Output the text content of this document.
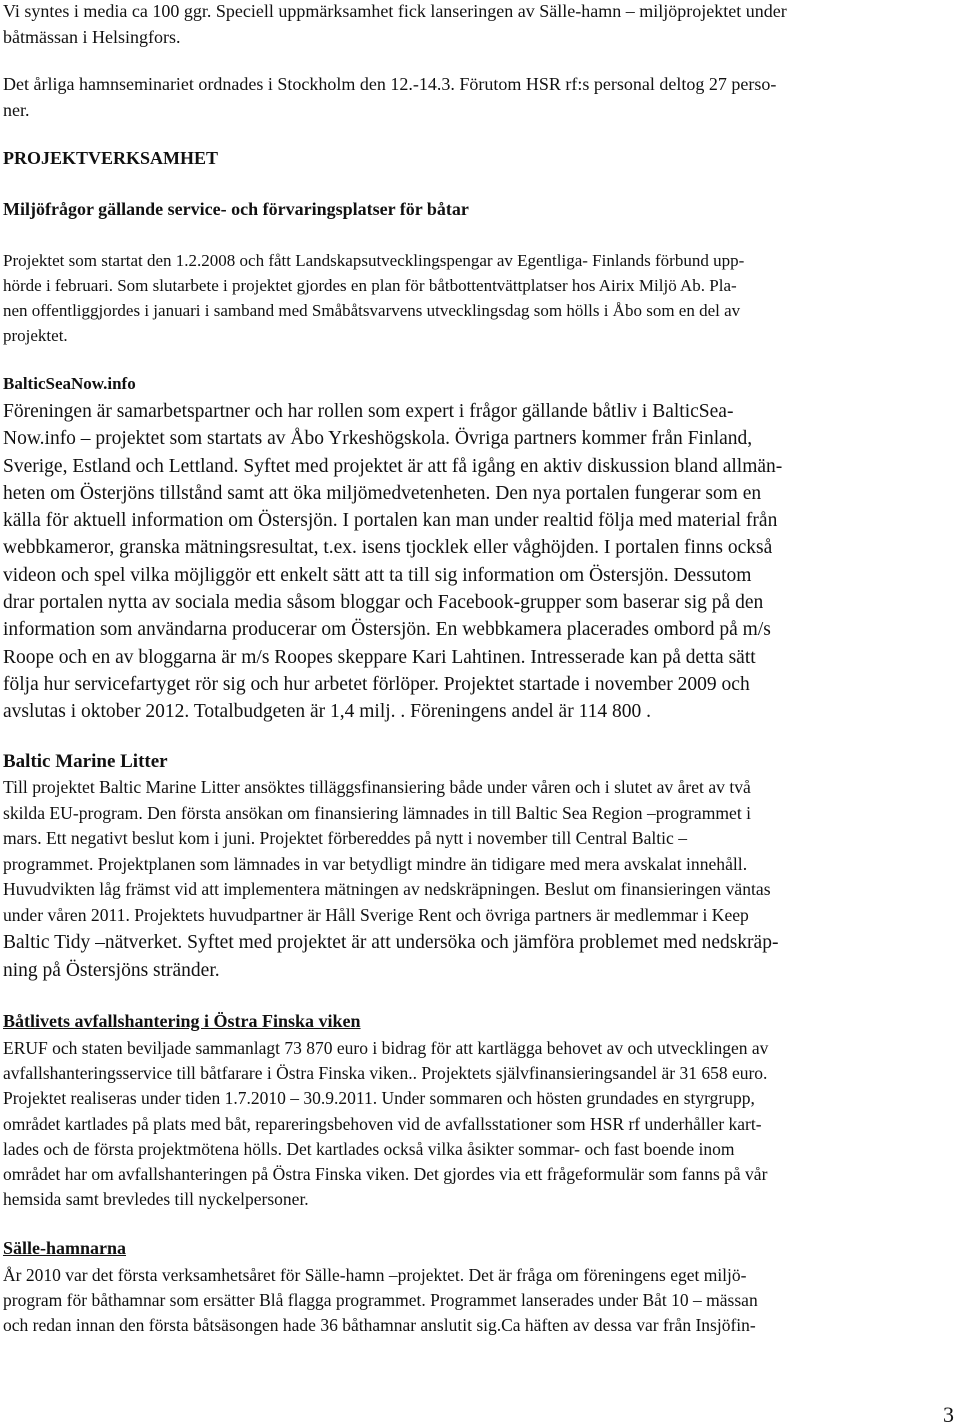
Vi syntes i media ca 100 ggr. Speciell uppmärksamhet fick lanseringen av Sälle-hamn – miljöprojektet under
båtmässan i Helsingfors.
Det årliga hamnseminariet ordnades i Stockholm den 12.-14.3. Förutom HSR rf:s personal deltog 27 perso-
ner.
PROJEKTVERKSAMHET
Miljöfrågor gällande service- och förvaringsplatser för båtar
Projektet som startat den 1.2.2008 och fått Landskapsutvecklingspengar av Egentliga- Finlands förbund upp-
hörde i februari. Som slutarbete i projektet gjordes en plan för båtbottentvättplatser hos Airix Miljö Ab. Pla-
nen offentliggjordes i januari i samband med Småbåtsvarvens utvecklingsdag som hölls i Åbo som en del av
projektet.
BalticSeaNow.info
Föreningen är samarbetspartner och har rollen som expert i frågor gällande båtliv i BalticSea-
Now.info – projektet som startats av Åbo Yrkeshögskola. Övriga partners kommer från Finland,
Sverige, Estland och Lettland. Syftet med projektet är att få igång en aktiv diskussion bland allmän-
heten om Österjöns tillstånd samt att öka miljömedvetenheten. Den nya portalen fungerar som en
källa för aktuell information om Östersjön. I portalen kan man under realtid följa med material från
webbkameror, granska mätningsresultat, t.ex. isens tjocklek eller våghöjden. I portalen finns också
videon och spel vilka möjliggör ett enkelt sätt att ta till sig information om Östersjön. Dessutom
drar portalen nytta av sociala media såsom bloggar och Facebook-grupper som baserar sig på den
information som användarna producerar om Östersjön. En webbkamera placerades ombord på m/s
Roope och en av bloggarna är m/s Roopes skeppare Kari Lahtinen. Intresserade kan på detta sätt
följa hur servicefartyget rör sig och hur arbetet förlöper. Projektet startade i november 2009 och
avslutas i oktober 2012. Totalbudgeten är 1,4 milj. . Föreningens andel är 114 800 .
Baltic Marine Litter
Till projektet Baltic Marine Litter ansöktes tilläggsfinansiering både under våren och i slutet av året av två
skilda EU-program. Den första ansökan om finansiering lämnades in till Baltic Sea Region –programmet i
mars. Ett negativt beslut kom i juni. Projektet förbereddes på nytt i november till Central Baltic –
programmet. Projektplanen som lämnades in var betydligt mindre än tidigare med mera avskalat innehåll.
Huvudvikten låg främst vid att implementera mätningen av nedskräpningen. Beslut om finansieringen väntas
under våren 2011. Projektets huvudpartner är Håll Sverige Rent och övriga partners är medlemmar i Keep
Baltic Tidy –nätverket. Syftet med projektet är att undersöka och jämföra problemet med nedskräp-
ning på Östersjöns stränder.
Båtlivets avfallshantering i Östra Finska viken
ERUF och staten beviljade sammanlagt 73 870 euro i bidrag för att kartlägga behovet av och utvecklingen av
avfallshanteringsservice till båtfarare i Östra Finska viken.. Projektets självfinansieringsandel är 31 658 euro.
Projektet realiseras under tiden 1.7.2010 – 30.9.2011. Under sommaren och hösten grundades en styrgrupp,
området kartlades på plats med båt, repareringsbehoven vid de avfallsstationer som HSR rf underhåller kart-
lades och de första projektmötena hölls. Det kartlades också vilka åsikter sommar- och fast boende inom
området har om avfallshanteringen på Östra Finska viken. Det gjordes via ett frågeformulär som fanns på vår
hemsida samt brevledes till nyckelpersoner.
Sälle-hamnarna
År 2010 var det första verksamhetsåret för Sälle-hamn –projektet. Det är fråga om föreningens eget miljö-
program för båthamnar som ersätter Blå flagga programmet. Programmet lanserades under Båt 10 – mässan
och redan innan den första båtsäsongen hade 36 båthamnar anslutit sig.Ca häften av dessa var från Insjöfin-
3
